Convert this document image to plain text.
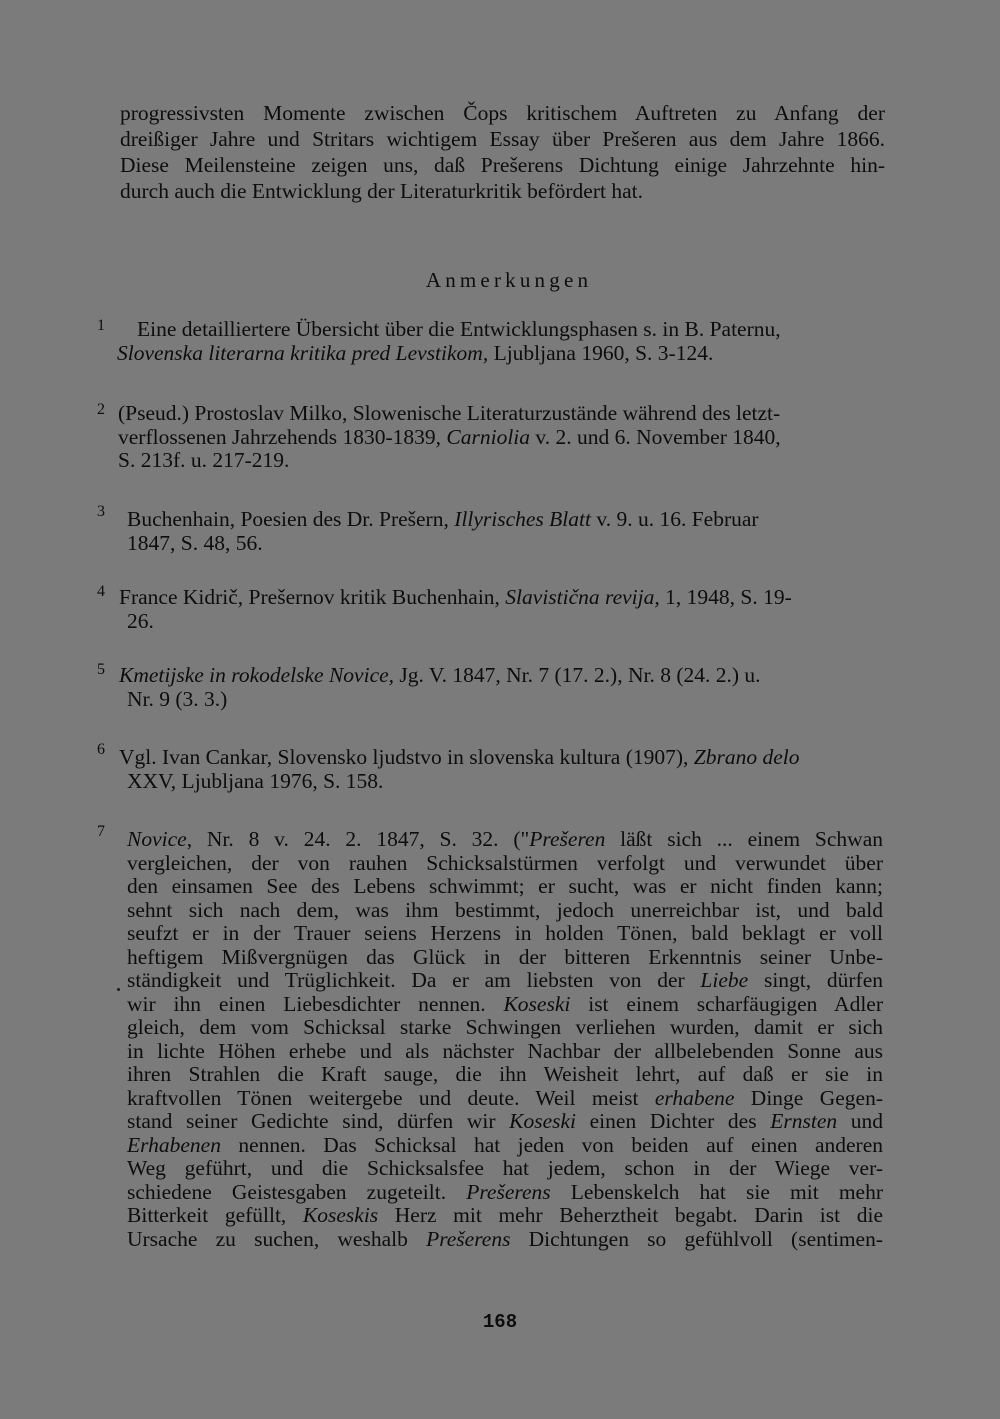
progressivsten Momente zwischen Čops kritischem Auftreten zu Anfang der
dreißiger Jahre und Stritars wichtigem Essay über Prešeren aus dem Jahre 1866.
Diese Meilensteine zeigen uns, daß Prešerens Dichtung einige Jahrzehnte hin-
durch auch die Entwicklung der Literaturkritik befördert hat.
Anmerkungen
1 Eine detailliertere Übersicht über die Entwicklungsphasen s. in B. Paternu,
Slovenska literarna kritika pred Levstikom, Ljubljana 1960, S. 3-124.
2 (Pseud.) Prostoslav Milko, Slowenische Literaturzustände während des letzt-
verflossenen Jahrzehends 1830-1839, Carniolia v. 2. und 6. November 1840,
S. 213f. u. 217-219.
3 Buchenhain, Poesien des Dr. Prešern, Illyrisches Blatt v. 9. u. 16. Februar
1847, S. 48, 56.
4 France Kidrič, Prešernov kritik Buchenhain, Slavistična revija, 1, 1948, S. 19-
26.
5 Kmetijske in rokodelske Novice, Jg. V. 1847, Nr. 7 (17. 2.), Nr. 8 (24. 2.) u.
Nr. 9 (3. 3.)
6 Vgl. Ivan Cankar, Slovensko ljudstvo in slovenska kultura (1907), Zbrano delo
XXV, Ljubljana 1976, S. 158.
7 Novice, Nr. 8 v. 24. 2. 1847, S. 32. ("Prešeren läßt sich ... einem Schwan
vergleichen, der von rauhen Schicksalstürmen verfolgt und verwundet über
den einsamen See des Lebens schwimmt; er sucht, was er nicht finden kann;
sehnt sich nach dem, was ihm bestimmt, jedoch unerreichbar ist, und bald
seufzt er in der Trauer seiens Herzens in holden Tönen, bald beklagt er voll
heftigem Mißvergnügen das Glück in der bitteren Erkenntnis seiner Unbe-
ständigkeit und Trüglichkeit. Da er am liebsten von der Liebe singt, dürfen
wir ihn einen Liebesdichter nennen. Koseski ist einem scharfäugigen Adler
gleich, dem vom Schicksal starke Schwingen verliehen wurden, damit er sich
in lichte Höhen erhebe und als nächster Nachbar der allbelebenden Sonne aus
ihren Strahlen die Kraft sauge, die ihn Weisheit lehrt, auf daß er sie in
kraftvollen Tönen weitergebe und deute. Weil meist erhabene Dinge Gegen-
stand seiner Gedichte sind, dürfen wir Koseski einen Dichter des Ernsten und
Erhabenen nennen. Das Schicksal hat jeden von beiden auf einen anderen
Weg geführt, und die Schicksalsfee hat jedem, schon in der Wiege ver-
schiedene Geistesgaben zugeteilt. Prešerens Lebenskelch hat sie mit mehr
Bitterkeit gefüllt, Koseskis Herz mit mehr Beherztheit begabt. Darin ist die
Ursache zu suchen, weshalb Prešerens Dichtungen so gefühlvoll (sentimen-
168
